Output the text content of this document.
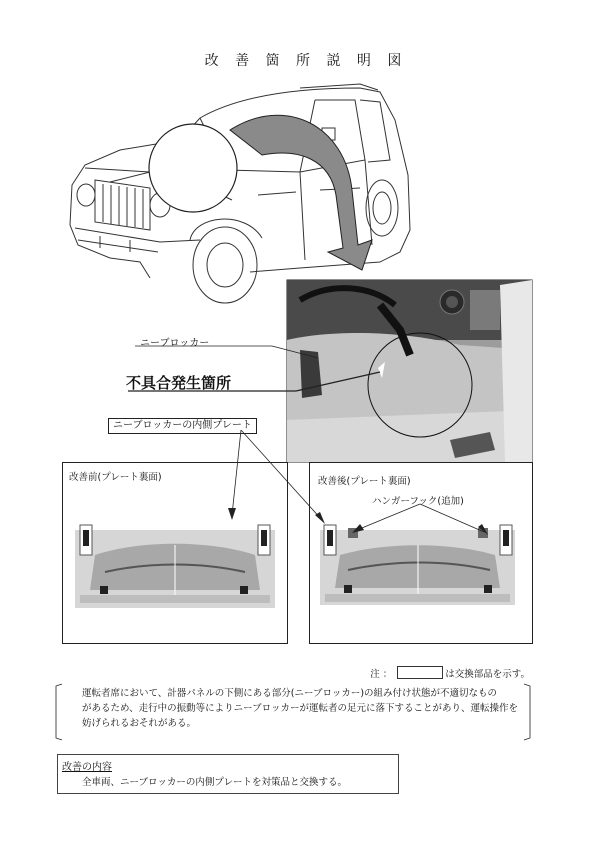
改 善 箇 所 説 明 図
ニーブロッカー
不具合発生箇所
ニーブロッカーの内側プレート
改善前(プレート裏面)	改善後(プレート裏面)
ハンガーフック(追加)
注 ：	は交換部品を示す。
運転者席において、計器パネルの下側にある部分(ニーブロッカー)の組み付け状態が不適切なもの
があるため、走行中の振動等によりニーブロッカーが運転者の足元に落下することがあり、運転操作を
妨げられるおそれがある。
改善の内容
全車両、ニーブロッカーの内側プレートを対策品と交換する。
